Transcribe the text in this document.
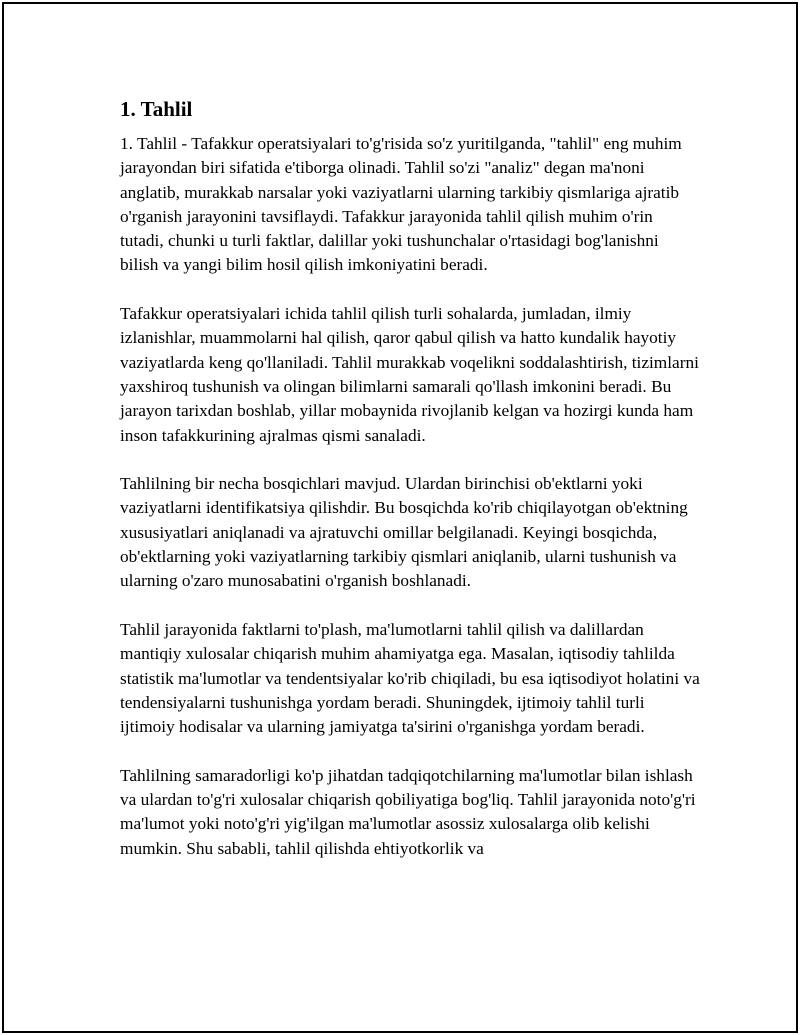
1. Tahlil

1. Tahlil - Tafakkur operatsiyalari to'g'risida so'z yuritilganda, "tahlil" eng muhim jarayondan biri sifatida e'tiborga olinadi. Tahlil so'zi "analiz" degan ma'noni anglatib, murakkab narsalar yoki vaziyatlarni ularning tarkibiy qismlariga ajratib o'rganish jarayonini tavsiflaydi. Tafakkur jarayonida tahlil qilish muhim o'rin tutadi, chunki u turli faktlar, dalillar yoki tushunchalar o'rtasidagi bog'lanishni bilish va yangi bilim hosil qilish imkoniyatini beradi.

Tafakkur operatsiyalari ichida tahlil qilish turli sohalarda, jumladan, ilmiy izlanishlar, muammolarni hal qilish, qaror qabul qilish va hatto kundalik hayotiy vaziyatlarda keng qo'llaniladi. Tahlil murakkab voqelikni soddalashtirish, tizimlarni yaxshiroq tushunish va olingan bilimlarni samarali qo'llash imkonini beradi. Bu jarayon tarixdan boshlab, yillar mobaynida rivojlanib kelgan va hozirgi kunda ham inson tafakkurining ajralmas qismi sanaladi.

Tahlilning bir necha bosqichlari mavjud. Ulardan birinchisi ob'ektlarni yoki vaziyatlarni identifikatsiya qilishdir. Bu bosqichda ko'rib chiqilayotgan ob'ektning xususiyatlari aniqlanadi va ajratuvchi omillar belgilanadi. Keyingi bosqichda, ob'ektlarning yoki vaziyatlarning tarkibiy qismlari aniqlanib, ularni tushunish va ularning o'zaro munosabatini o'rganish boshlanadi.

Tahlil jarayonida faktlarni to'plash, ma'lumotlarni tahlil qilish va dalillardan mantiqiy xulosalar chiqarish muhim ahamiyatga ega. Masalan, iqtisodiy tahlilda statistik ma'lumotlar va tendentsiyalar ko'rib chiqiladi, bu esa iqtisodiyot holatini va tendensiyalarni tushunishga yordam beradi. Shuningdek, ijtimoiy tahlil turli ijtimoiy hodisalar va ularning jamiyatga ta'sirini o'rganishga yordam beradi.

Tahlilning samaradorligi ko'p jihatdan tadqiqotchilarning ma'lumotlar bilan ishlash va ulardan to'g'ri xulosalar chiqarish qobiliyatiga bog'liq. Tahlil jarayonida noto'g'ri ma'lumot yoki noto'g'ri yig'ilgan ma'lumotlar asossiz xulosalarga olib kelishi mumkin. Shu sababli, tahlil qilishda ehtiyotkorlik va
